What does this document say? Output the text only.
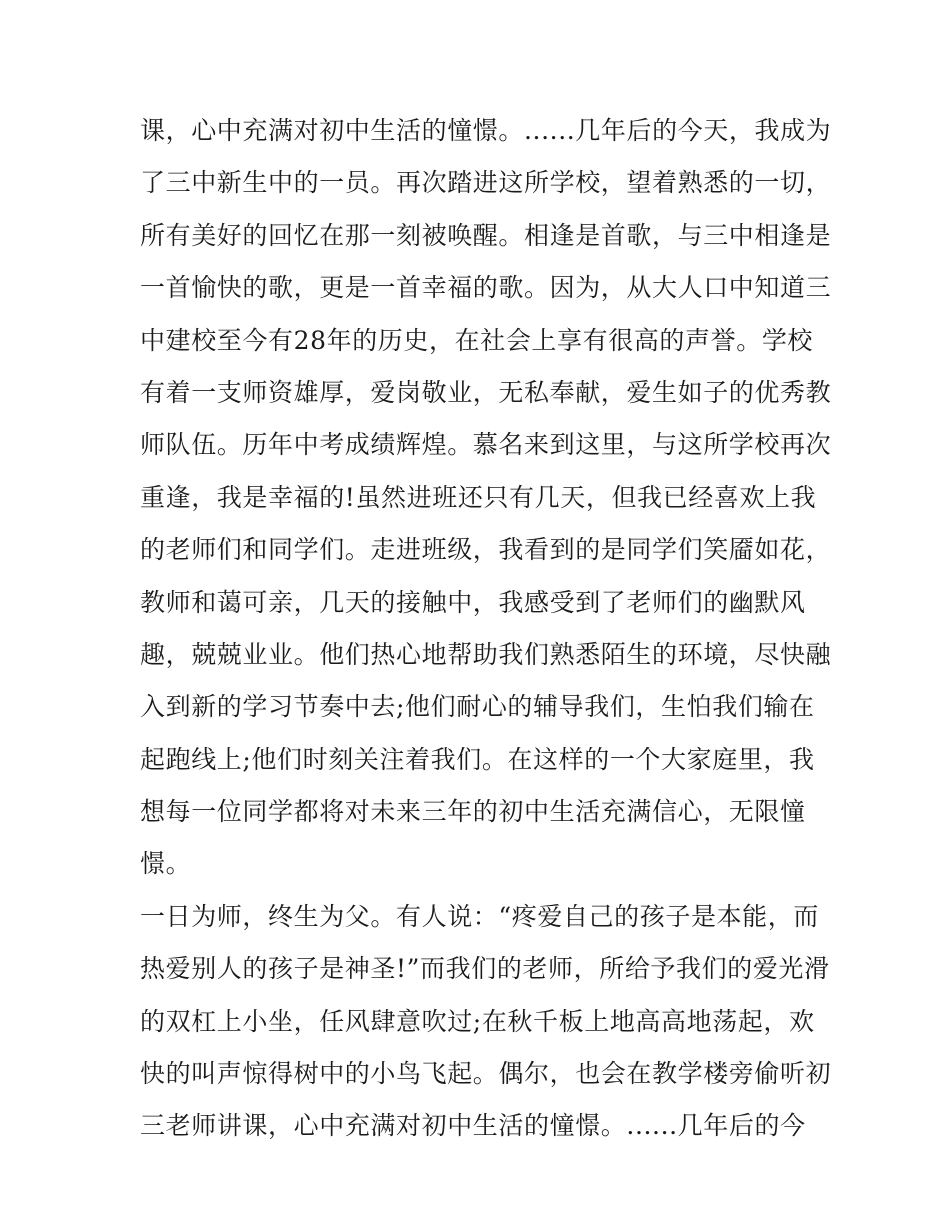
课，心中充满对初中生活的憧憬。......几年后的今天，我成为
了三中新生中的一员。再次踏进这所学校，望着熟悉的一切，
所有美好的回忆在那一刻被唤醒。相逢是首歌，与三中相逢是
一首愉快的歌，更是一首幸福的歌。因为，从大人口中知道三
中建校至今有28年的历史，在社会上享有很高的声誉。学校
有着一支师资雄厚，爱岗敬业，无私奉献，爱生如子的优秀教
师队伍。历年中考成绩辉煌。慕名来到这里，与这所学校再次
重逢，我是幸福的!虽然进班还只有几天，但我已经喜欢上我
的老师们和同学们。走进班级，我看到的是同学们笑靥如花，
教师和蔼可亲，几天的接触中，我感受到了老师们的幽默风
趣，兢兢业业。他们热心地帮助我们熟悉陌生的环境，尽快融
入到新的学习节奏中去;他们耐心的辅导我们，生怕我们输在
起跑线上;他们时刻关注着我们。在这样的一个大家庭里，我
想每一位同学都将对未来三年的初中生活充满信心，无限憧
憬。
一日为师，终生为父。有人说：“疼爱自己的孩子是本能，而
热爱别人的孩子是神圣!”而我们的老师，所给予我们的爱光滑
的双杠上小坐，任风肆意吹过;在秋千板上地高高地荡起，欢
快的叫声惊得树中的小鸟飞起。偶尔，也会在教学楼旁偷听初
三老师讲课，心中充满对初中生活的憧憬。......几年后的今
